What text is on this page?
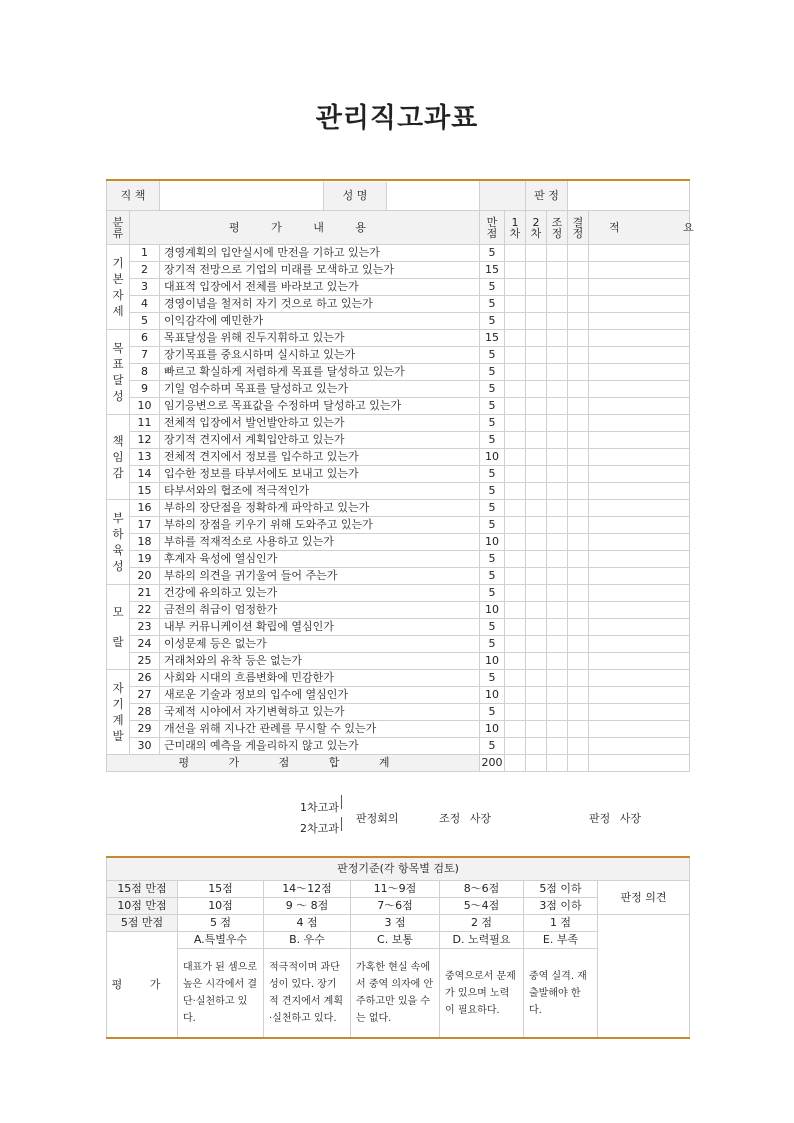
관리직고과표
직 책		성 명			판 정			
분 류	평 가 내 용		만 점	1 차	2 차	조 정	결 정	적 요
기본자세	1	경영계획의 입안실시에 만전을 기하고 있는가	5					
	2	장기적 전망으로 기업의 미래를 모색하고 있는가	15					
	3	대표적 입장에서 전체를 바라보고 있는가	5					
	4	경영이념을 철저히 자기 것으로 하고 있는가	5					
	5	이익감각에 예민한가	5					
목표달성	6	목표달성을 위해 진두지휘하고 있는가	15					
	7	장기목표를 중요시하며 실시하고 있는가	5					
	8	빠르고 확실하게 저렴하게 목표를 달성하고 있는가	5					
	9	기일 엄수하며 목표를 달성하고 있는가	5					
	10	임기응변으로 목표값을 수정하며 달성하고 있는가	5					
책임감	11	전체적 입장에서 발언발안하고 있는가	5					
	12	장기적 견지에서 계획입안하고 있는가	5					
	13	전체적 견지에서 정보를 입수하고 있는가	10					
	14	입수한 정보를 타부서에도 보내고 있는가	5					
	15	타부서와의 협조에 적극적인가	5					
부하육성	16	부하의 장단점을 정확하게 파악하고 있는가	5					
	17	부하의 장점을 키우기 위해 도와주고 있는가	5					
	18	부하를 적재적소로 사용하고 있는가	10					
	19	후계자 육성에 열심인가	5					
	20	부하의 의견을 귀기울여 들어 주는가	5					
모 랄	21	건강에 유의하고 있는가	5					
	22	금전의 취급이 엄정한가	10					
	23	내부 커뮤니케이션 확립에 열심인가	5					
	24	이성문제 등은 없는가	5					
	25	거래처와의 유착 등은 없는가	10					
자기계발	26	사회와 시대의 흐름변화에 민감한가	5					
	27	새로운 기술과 정보의 입수에 열심인가	10					
	28	국제적 시야에서 자기변혁하고 있는가	5					
	29	개선을 위해 지나간 관례를 무시할 수 있는가	10					
	30	근미래의 예측을 게을리하지 않고 있는가	5					
평 가 점 합 계			200					
1차고과
2차고과
판정회의	조정 사장	판정 사장
판정기준(각 항목별 검토)						
15점 만점	15점	14～12점	11～9점	8～6점	5점 이하	판정 의견
10점 만점	10점	9 ～ 8점	7～6점	5～4점	3점 이하	
5점 만점	5 점	4 점	3 점	2 점	1 점	
평 가	A.특별우수	B. 우수	C. 보통	D. 노력필요	E. 부족	
	대표가 된 셈으로 높은 시각에서 결단·실천하고 있다.	적극적이며 과단성이 있다. 장기적 견지에서 계획·실천하고 있다.	가혹한 현실 속에서 중역 의자에 안주하고만 있을 수는 없다.	중역으로서 문제가 있으며 노력이 필요하다.	중역 실격. 재출발해야 한다.	
